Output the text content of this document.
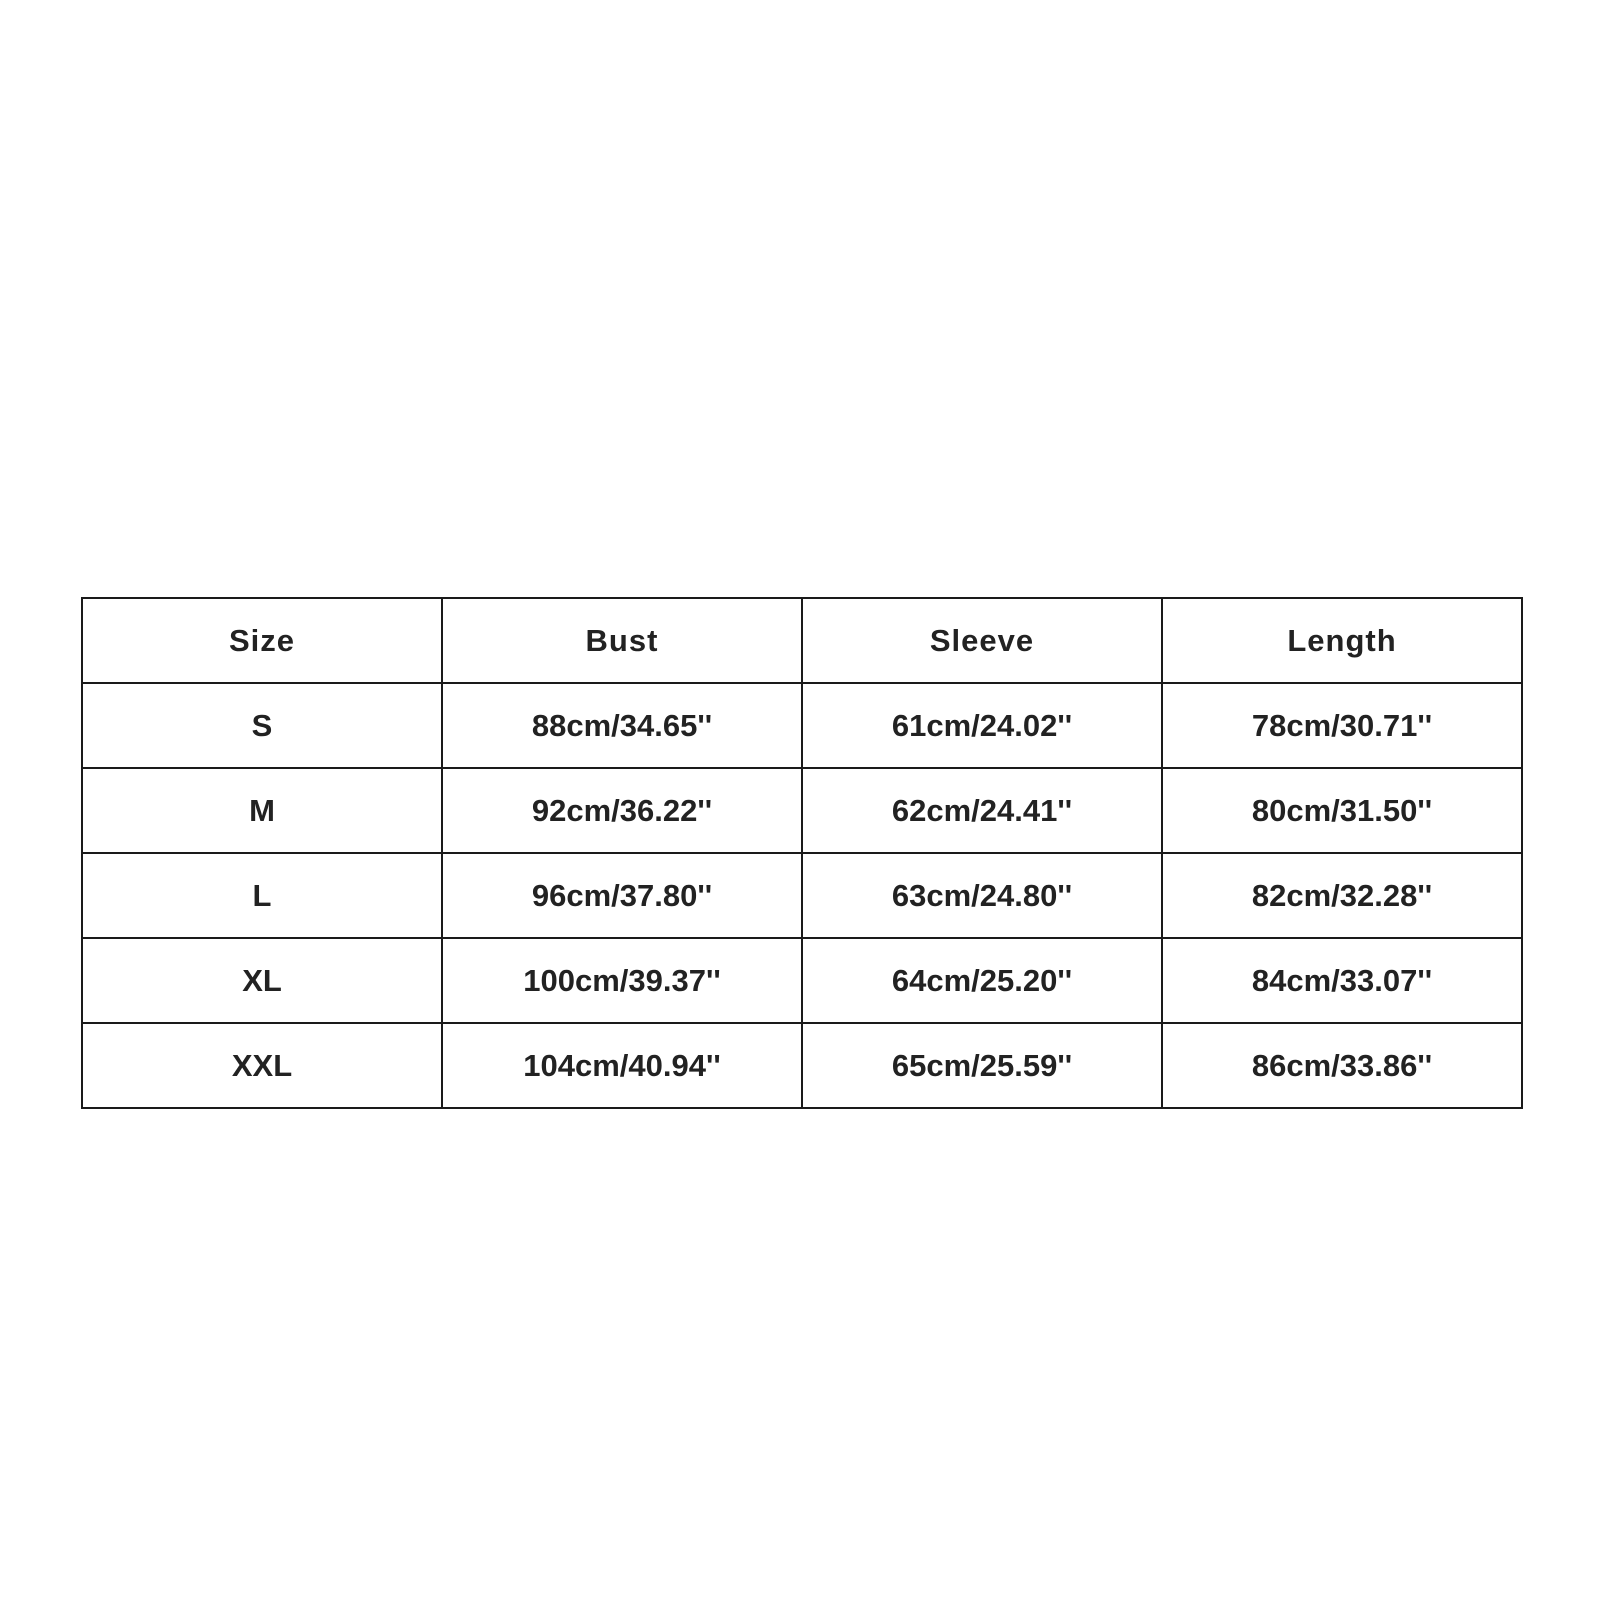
Size	Bust	Sleeve	Length
S	88cm/34.65''	61cm/24.02''	78cm/30.71''
M	92cm/36.22''	62cm/24.41''	80cm/31.50''
L	96cm/37.80''	63cm/24.80''	82cm/32.28''
XL	100cm/39.37''	64cm/25.20''	84cm/33.07''
XXL	104cm/40.94''	65cm/25.59''	86cm/33.86''
